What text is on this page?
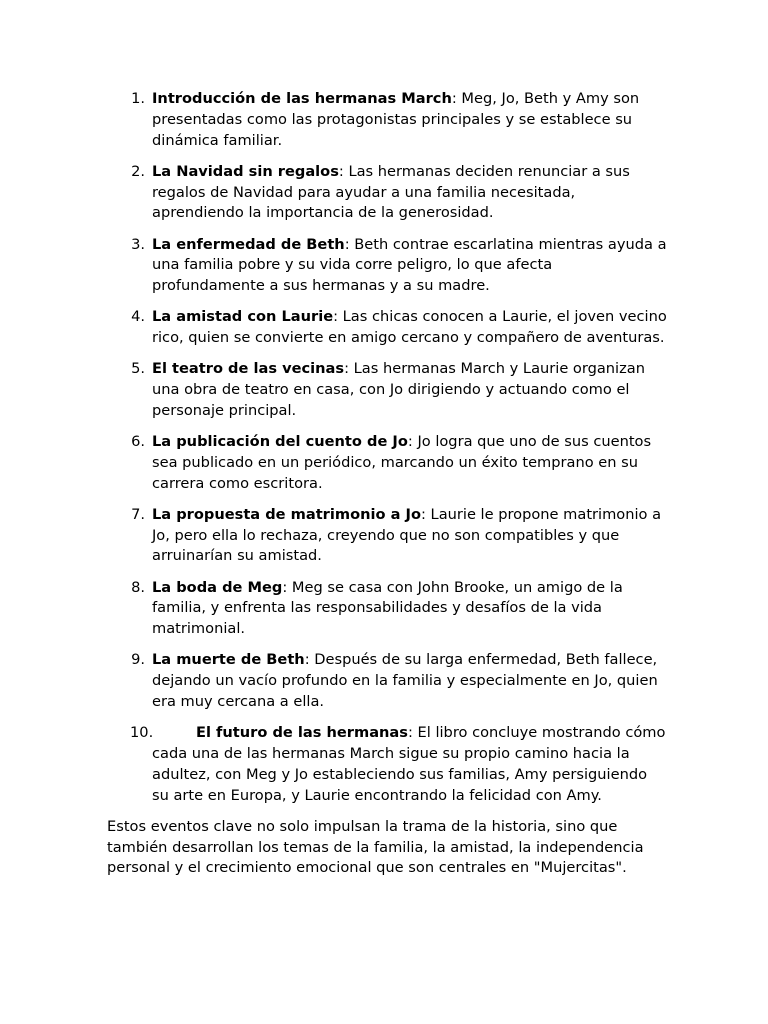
1. Introducción de las hermanas March: Meg, Jo, Beth y Amy son presentadas como las protagonistas principales y se establece su dinámica familiar.
2. La Navidad sin regalos: Las hermanas deciden renunciar a sus regalos de Navidad para ayudar a una familia necesitada, aprendiendo la importancia de la generosidad.
3. La enfermedad de Beth: Beth contrae escarlatina mientras ayuda a una familia pobre y su vida corre peligro, lo que afecta profundamente a sus hermanas y a su madre.
4. La amistad con Laurie: Las chicas conocen a Laurie, el joven vecino rico, quien se convierte en amigo cercano y compañero de aventuras.
5. El teatro de las vecinas: Las hermanas March y Laurie organizan una obra de teatro en casa, con Jo dirigiendo y actuando como el personaje principal.
6. La publicación del cuento de Jo: Jo logra que uno de sus cuentos sea publicado en un periódico, marcando un éxito temprano en su carrera como escritora.
7. La propuesta de matrimonio a Jo: Laurie le propone matrimonio a Jo, pero ella lo rechaza, creyendo que no son compatibles y que arruinarían su amistad.
8. La boda de Meg: Meg se casa con John Brooke, un amigo de la familia, y enfrenta las responsabilidades y desafíos de la vida matrimonial.
9. La muerte de Beth: Después de su larga enfermedad, Beth fallece, dejando un vacío profundo en la familia y especialmente en Jo, quien era muy cercana a ella.
10.	El futuro de las hermanas: El libro concluye mostrando cómo cada una de las hermanas March sigue su propio camino hacia la adultez, con Meg y Jo estableciendo sus familias, Amy persiguiendo su arte en Europa, y Laurie encontrando la felicidad con Amy.

Estos eventos clave no solo impulsan la trama de la historia, sino que también desarrollan los temas de la familia, la amistad, la independencia personal y el crecimiento emocional que son centrales en "Mujercitas".
